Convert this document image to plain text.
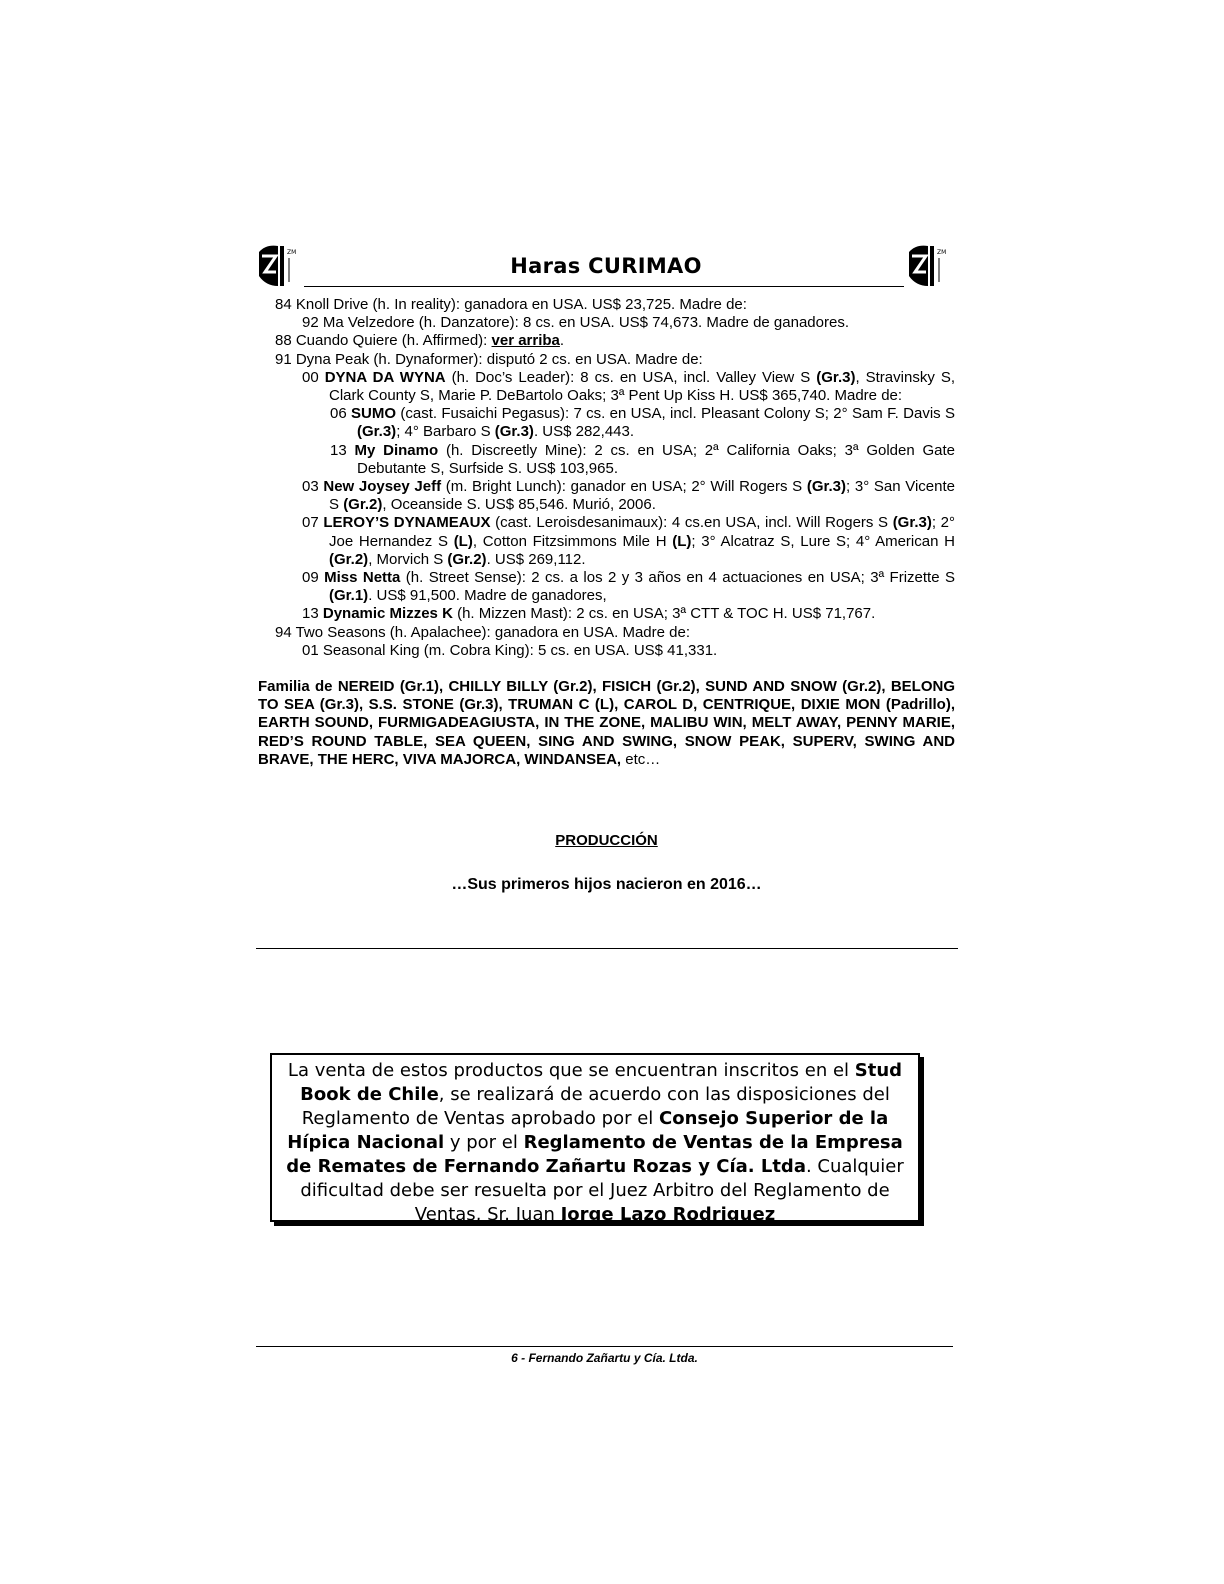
ZM
Haras CURIMAO
ZM
84 Knoll Drive (h. In reality): ganadora en USA. US$ 23,725. Madre de:
92 Ma Velzedore (h. Danzatore): 8 cs. en USA. US$ 74,673. Madre de ganadores.
88 Cuando Quiere (h. Affirmed): ver arriba.
91 Dyna Peak (h. Dynaformer): disputó 2 cs. en USA. Madre de:
00 DYNA DA WYNA (h. Doc’s Leader): 8 cs. en USA, incl. Valley View S (Gr.3), Stravinsky S, Clark County S, Marie P. DeBartolo Oaks; 3ª Pent Up Kiss H. US$ 365,740. Madre de:
06 SUMO (cast. Fusaichi Pegasus): 7 cs. en USA, incl. Pleasant Colony S; 2° Sam F. Davis S (Gr.3); 4° Barbaro S (Gr.3). US$ 282,443.
13 My Dinamo (h. Discreetly Mine): 2 cs. en USA; 2ª California Oaks; 3ª Golden Gate Debutante S, Surfside S. US$ 103,965.
03 New Joysey Jeff (m. Bright Lunch): ganador en USA; 2° Will Rogers S (Gr.3); 3° San Vicente S (Gr.2), Oceanside S. US$ 85,546. Murió, 2006.
07 LEROY’S DYNAMEAUX (cast. Leroisdesanimaux): 4 cs.en USA, incl. Will Rogers S (Gr.3); 2° Joe Hernandez S (L), Cotton Fitzsimmons Mile H (L); 3° Alcatraz S, Lure S; 4° American H (Gr.2), Morvich S (Gr.2). US$ 269,112.
09 Miss Netta (h. Street Sense): 2 cs. a los 2 y 3 años en 4 actuaciones en USA; 3ª Frizette S (Gr.1). US$ 91,500. Madre de ganadores,
13 Dynamic Mizzes K (h. Mizzen Mast): 2 cs. en USA; 3ª CTT & TOC H. US$ 71,767.
94 Two Seasons (h. Apalachee): ganadora en USA. Madre de:
01 Seasonal King (m. Cobra King): 5 cs. en USA. US$ 41,331.
Familia de NEREID (Gr.1), CHILLY BILLY (Gr.2), FISICH (Gr.2), SUND AND SNOW (Gr.2), BELONG TO SEA (Gr.3), S.S. STONE (Gr.3), TRUMAN C (L), CAROL D, CENTRIQUE, DIXIE MON (Padrillo), EARTH SOUND, FURMIGADEAGIUSTA, IN THE ZONE, MALIBU WIN, MELT AWAY, PENNY MARIE, RED’S ROUND TABLE, SEA QUEEN, SING AND SWING, SNOW PEAK, SUPERV, SWING AND BRAVE, THE HERC, VIVA MAJORCA, WINDANSEA, etc…
PRODUCCIÓN
…Sus primeros hijos nacieron en 2016…
La venta de estos productos que se encuentran inscritos en el Stud Book de Chile, se realizará de acuerdo con las disposiciones del Reglamento de Ventas aprobado por el Consejo Superior de la Hípica Nacional y por el Reglamento de Ventas de la Empresa de Remates de Fernando Zañartu Rozas y Cía. Ltda. Cualquier dificultad debe ser resuelta por el Juez Arbitro del Reglamento de Ventas, Sr. Juan Jorge Lazo Rodriguez
6 - Fernando Zañartu y Cía. Ltda.
